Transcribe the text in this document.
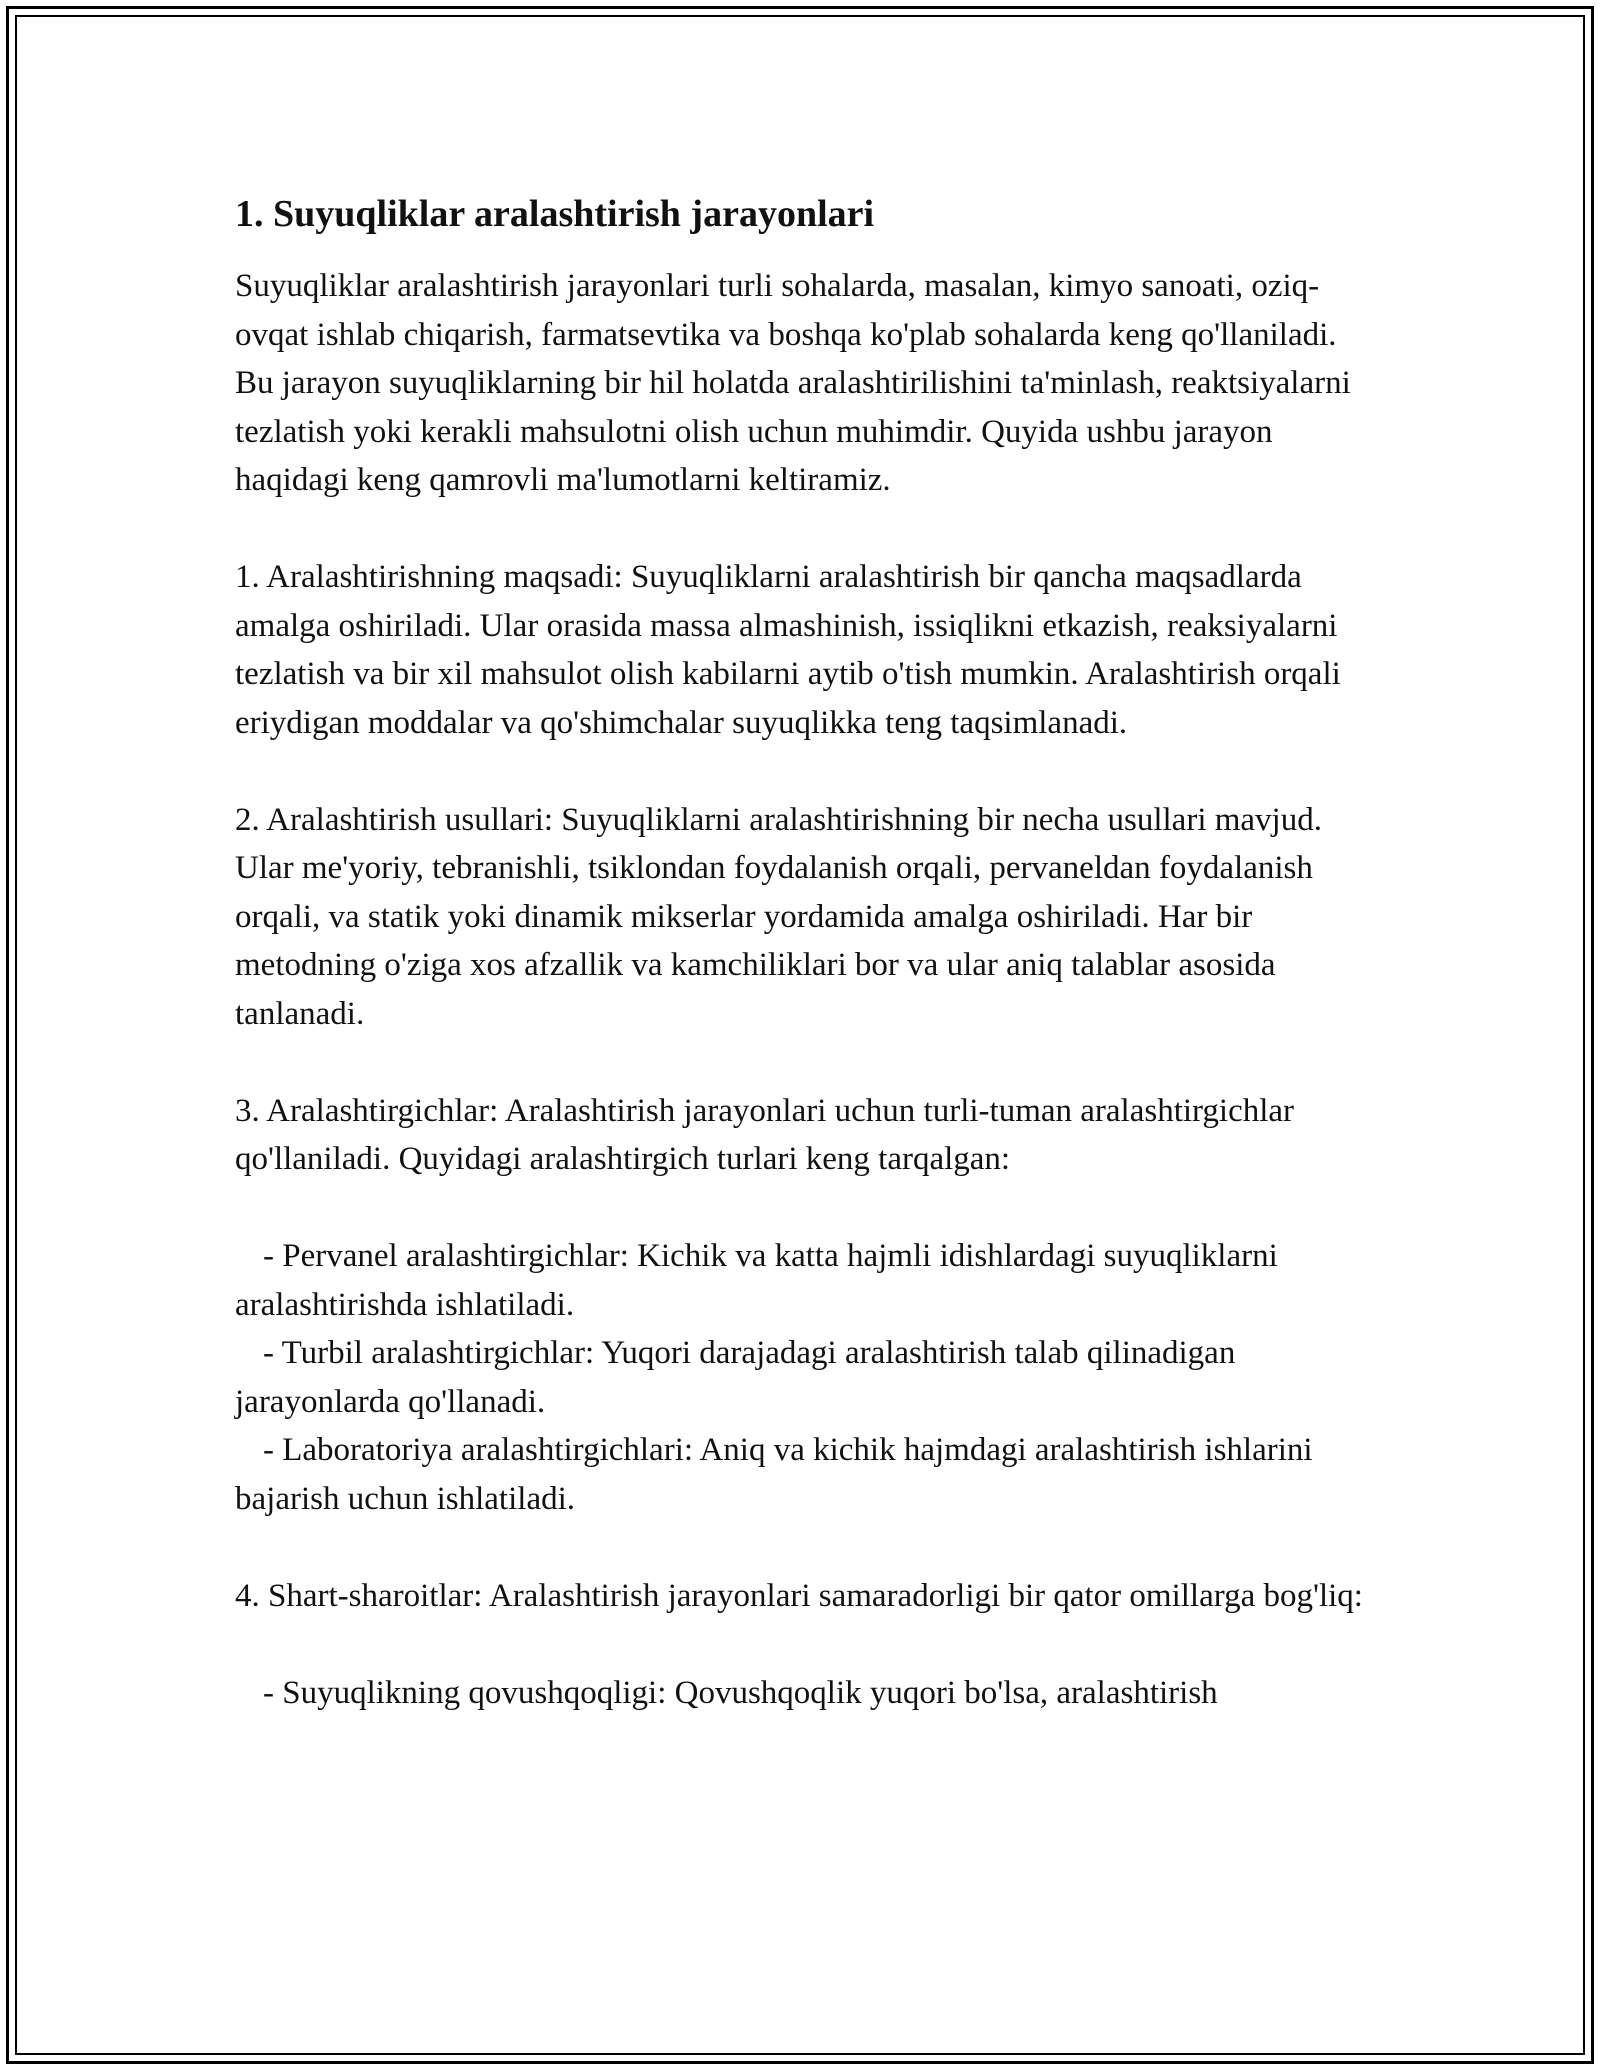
1. Suyuqliklar aralashtirish jarayonlari

Suyuqliklar aralashtirish jarayonlari turli sohalarda, masalan, kimyo sanoati, oziq-ovqat ishlab chiqarish, farmatsevtika va boshqa ko'plab sohalarda keng qo'llaniladi. Bu jarayon suyuqliklarning bir hil holatda aralashtirilishini ta'minlash, reaktsiyalarni tezlatish yoki kerakli mahsulotni olish uchun muhimdir. Quyida ushbu jarayon haqidagi keng qamrovli ma'lumotlarni keltiramiz.

1. Aralashtirishning maqsadi: Suyuqliklarni aralashtirish bir qancha maqsadlarda amalga oshiriladi. Ular orasida massa almashinish, issiqlikni etkazish, reaksiyalarni tezlatish va bir xil mahsulot olish kabilarni aytib o'tish mumkin. Aralashtirish orqali eriydigan moddalar va qo'shimchalar suyuqlikka teng taqsimlanadi.

2. Aralashtirish usullari: Suyuqliklarni aralashtirishning bir necha usullari mavjud. Ular me'yoriy, tebranishli, tsiklondan foydalanish orqali, pervaneldan foydalanish orqali, va statik yoki dinamik mikserlar yordamida amalga oshiriladi. Har bir metodning o'ziga xos afzallik va kamchiliklari bor va ular aniq talablar asosida tanlanadi.

3. Aralashtirgichlar: Aralashtirish jarayonlari uchun turli-tuman aralashtirgichlar qo'llaniladi. Quyidagi aralashtirgich turlari keng tarqalgan:

- Pervanel aralashtirgichlar: Kichik va katta hajmli idishlardagi suyuqliklarni aralashtirishda ishlatiladi.

- Turbil aralashtirgichlar: Yuqori darajadagi aralashtirish talab qilinadigan jarayonlarda qo'llanadi.

- Laboratoriya aralashtirgichlari: Aniq va kichik hajmdagi aralashtirish ishlarini bajarish uchun ishlatiladi.

4. Shart-sharoitlar: Aralashtirish jarayonlari samaradorligi bir qator omillarga bog'liq:

- Suyuqlikning qovushqoqligi: Qovushqoqlik yuqori bo'lsa, aralashtirish
